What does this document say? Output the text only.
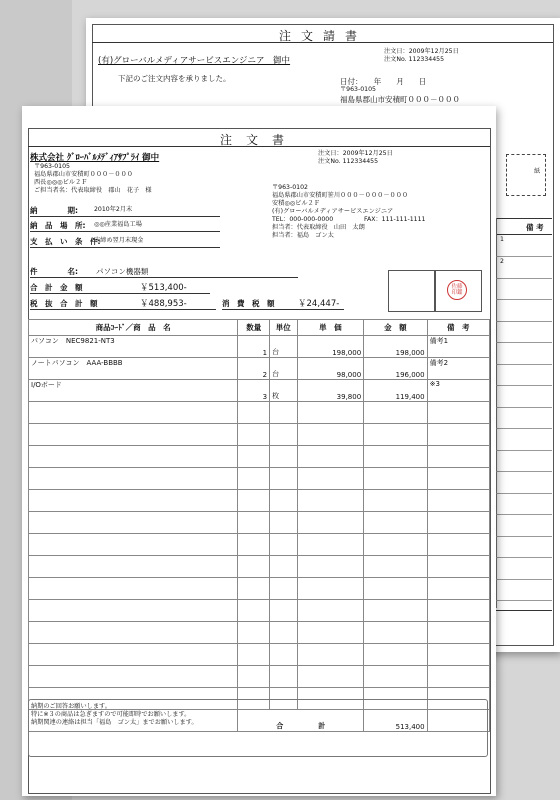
注文請書
(有)グローバルメディアサービスエンジニア　御中
注文日：2009年12月25日
注文No. 112334455
下記のご注文内容を承りました。	日付：　　年　　月　　日
〒963-0105
福島県郡山市安積町０００－０００
紙
備 考
1
2
注文書
株式会社 ｸﾞﾛｰﾊﾞﾙﾒﾃﾞｨｱｻﾌﾟﾗｲ 御中
〒963-0105
福島県郡山市安積町０００－０００
西長◎◎◎ビル２Ｆ
ご担当者名：代表取締役　郡山　花子　様
注文日：2009年12月25日
注文No. 112334455
〒963-0102
福島県郡山市安積町笹川０００－０００－０００
安積◎◎ビル２Ｆ
(有)グローバルメディアサービスエンジニア
TEL：000-000-0000	FAX：111-111-1111
担当者：代表取締役　山田　太朗
担当者：福島　ゴン太
納　　　　期:	2010年2月末
納　品　場　所: ◎◎産業福島工場
支　払　い　条　件:
末締め翌月末現金
件　　　　名: パソコン機器類
合　計　金　額	￥513,400-
税　抜　合　計　額	￥488,953-	消　費　税　額	￥24,447-
佐藤
印鑑
商品ｺｰﾄﾞ／商　品　名	数量	単位	単　価	金　額	備　考
パソコン　NEC9821-NT3	1	台	198,000	198,000	備考1
ノートパソコン　AAA-BBBB	2	台	98,000	196,000	備考2
I/Oボード	3	枚	39,800	119,400	※3

	合　　　　　計			513,400	
納期のご回答お願いします。
特に※３の商品は急ぎますので可能即時でお願いします。
納期関連の連絡は担当「福島　ゴン太」までお願いします。
